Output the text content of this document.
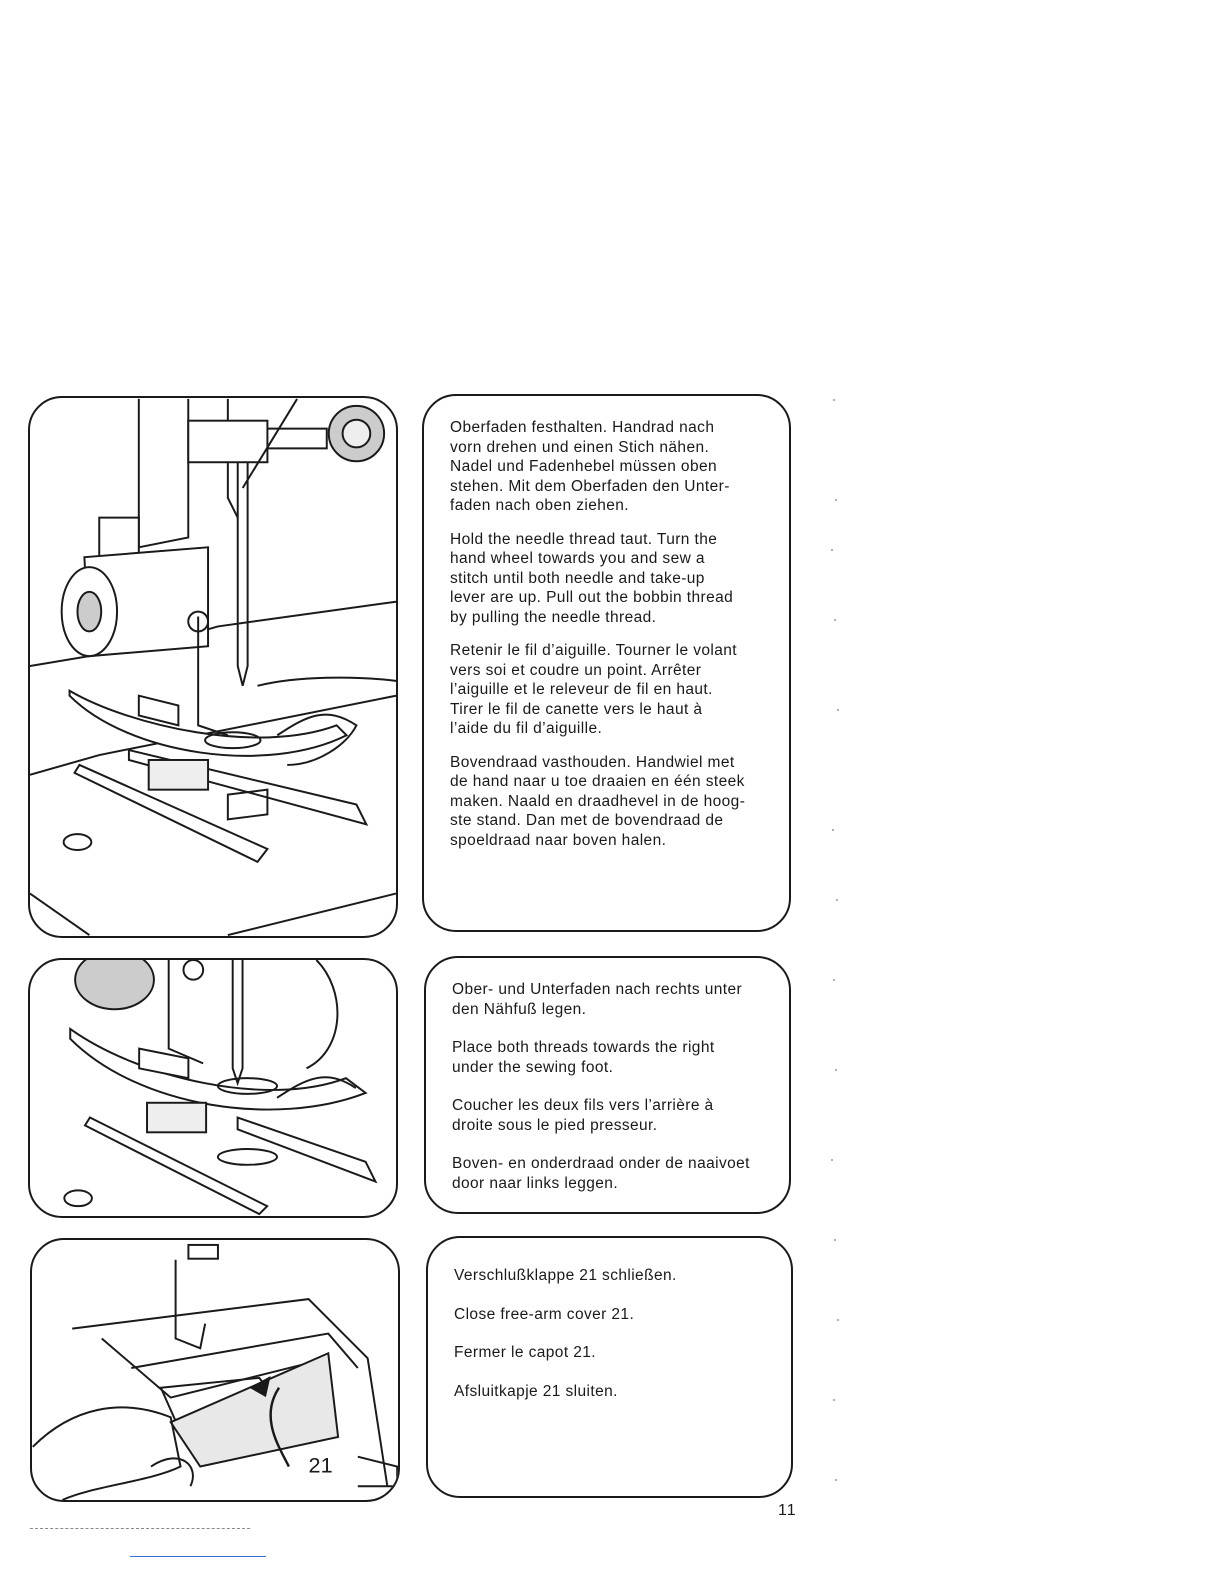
Oberfaden festhalten. Handrad nach
vorn drehen und einen Stich nähen.
Nadel und Fadenhebel müssen oben
stehen. Mit dem Oberfaden den Unter-
faden nach oben ziehen.

Hold the needle thread taut. Turn the
hand wheel towards you and sew a
stitch until both needle and take-up
lever are up. Pull out the bobbin thread
by pulling the needle thread.

Retenir le fil d’aiguille. Tourner le volant
vers soi et coudre un point. Arrêter
l’aiguille et le releveur de fil en haut.
Tirer le fil de canette vers le haut à
l’aide du fil d’aiguille.

Bovendraad vasthouden. Handwiel met
de hand naar u toe draaien en één steek
maken. Naald en draadhevel in de hoog-
ste stand. Dan met de bovendraad de
spoeldraad naar boven halen.

Ober- und Unterfaden nach rechts unter
den Nähfuß legen.

Place both threads towards the right
under the sewing foot.

Coucher les deux fils vers l’arrière à
droite sous le pied presseur.

Boven- en onderdraad onder de naaivoet
door naar links leggen.

21

Verschlußklappe 21 schließen.

Close free-arm cover 21.

Fermer le capot 21.

Afsluitkapje 21 sluiten.

11
